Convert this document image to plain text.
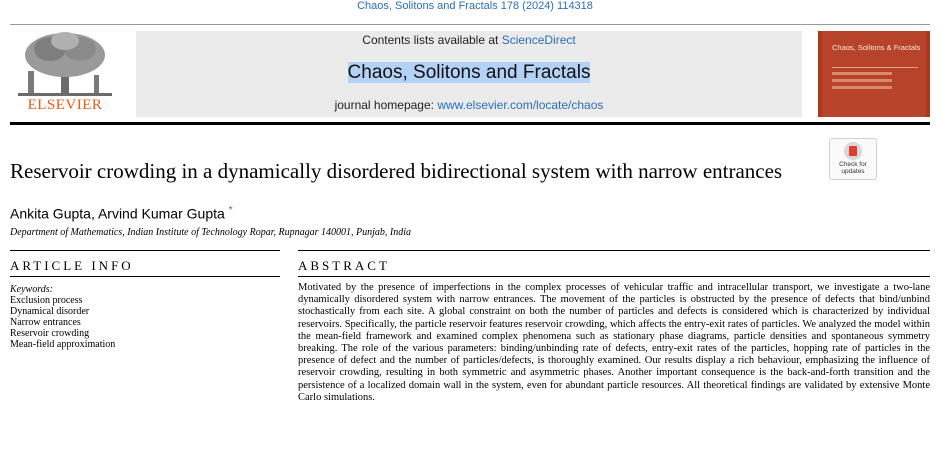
Chaos, Solitons and Fractals 178 (2024) 114318
ELSEVIER
Contents lists available at ScienceDirect
Chaos, Solitons and Fractals
journal homepage: www.elsevier.com/locate/chaos
Chaos, Solitons & Fractals
Check for
updates
Reservoir crowding in a dynamically disordered bidirectional system with narrow entrances
Ankita Gupta, Arvind Kumar Gupta *
Department of Mathematics, Indian Institute of Technology Ropar, Rupnagar 140001, Punjab, India
ARTICLE INFO
Keywords:
Exclusion process
Dynamical disorder
Narrow entrances
Reservoir crowding
Mean-field approximation
ABSTRACT
Motivated by the presence of imperfections in the complex processes of vehicular traffic and intracellular transport, we investigate a two-lane dynamically disordered system with narrow entrances. The movement of the particles is obstructed by the presence of defects that bind/unbind stochastically from each site. A global constraint on both the number of particles and defects is considered which is characterized by individual reservoirs. Specifically, the particle reservoir features reservoir crowding, which affects the entry-exit rates of particles. We analyzed the model within the mean-field framework and examined complex phenomena such as stationary phase diagrams, particle densities and spontaneous symmetry breaking. The role of the various parameters: binding/unbinding rate of defects, entry-exit rates of the particles, hopping rate of particles in the presence of defect and the number of particles/defects, is thoroughly examined. Our results display a rich behaviour, emphasizing the influence of reservoir crowding, resulting in both symmetric and asymmetric phases. Another important consequence is the back-and-forth transition and the persistence of a localized domain wall in the system, even for abundant particle resources. All theoretical findings are validated by extensive Monte Carlo simulations.
